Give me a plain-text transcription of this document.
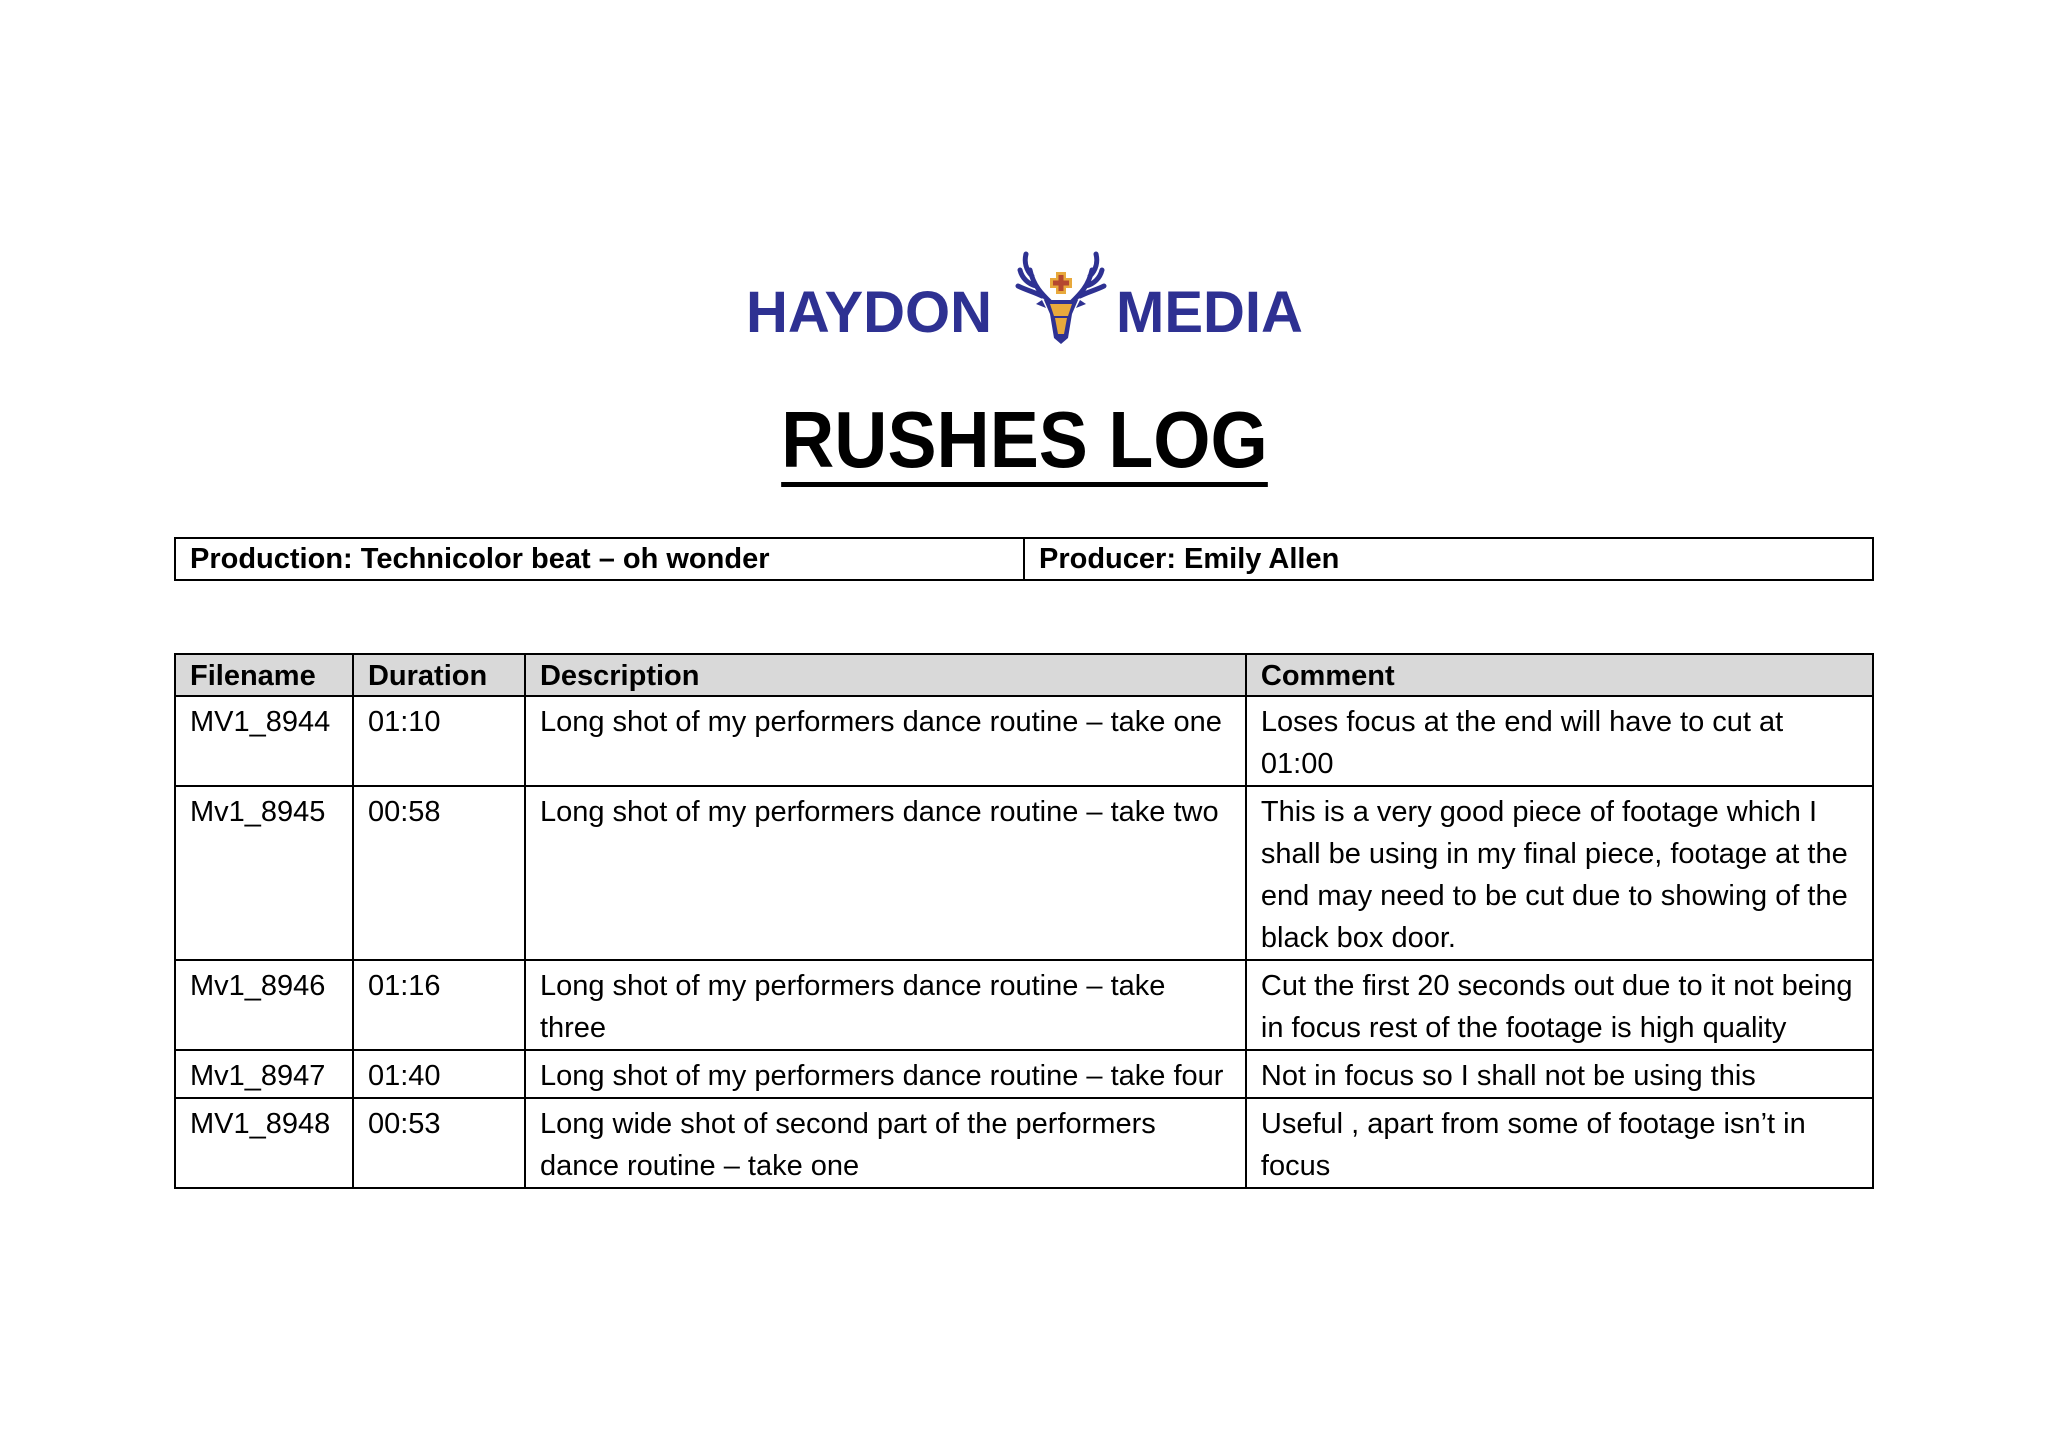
HAYDON MEDIA
RUSHES LOG
Production: Technicolor beat – oh wonder	Producer: Emily Allen
Filename	Duration	Description	Comment
MV1_8944	01:10	Long shot of my performers dance routine – take one	Loses focus at the end will have to cut at 01:00
Mv1_8945	00:58	Long shot of my performers dance routine – take two	This is a very good piece of footage which I shall be using in my final piece, footage at the end may need to be cut due to showing of the black box door.
Mv1_8946	01:16	Long shot of my performers dance routine – take three	Cut the first 20 seconds out due to it not being in focus rest of the footage is high quality
Mv1_8947	01:40	Long shot of my performers dance routine – take four	Not in focus so I shall not be using this
MV1_8948	00:53	Long wide shot of second part of the performers dance routine – take one	Useful , apart from some of footage isn’t in focus
